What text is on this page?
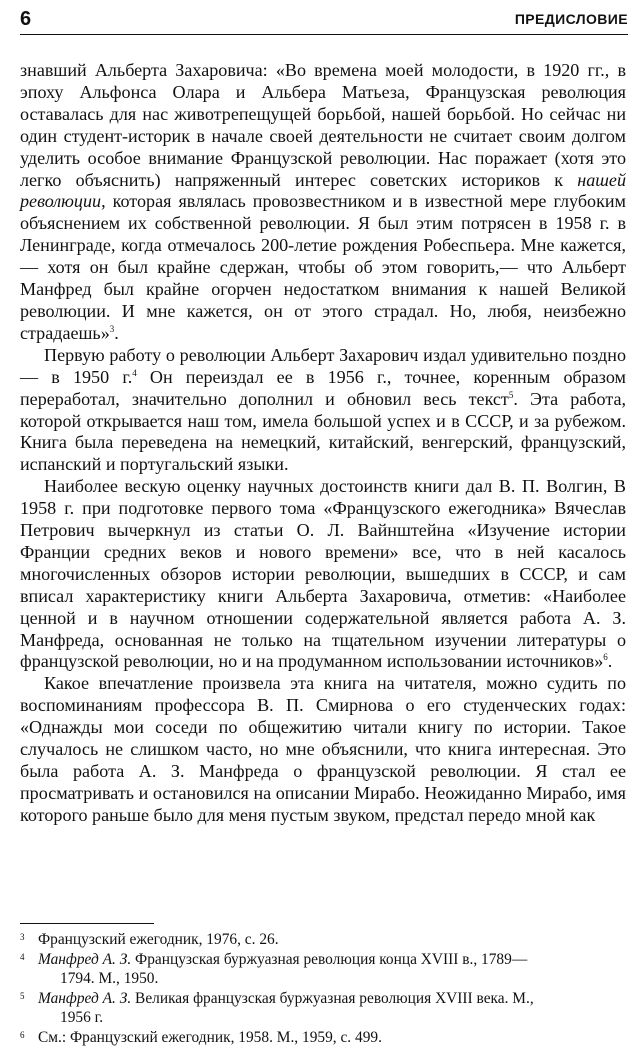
6	ПРЕДИСЛОВИЕ

знавший Альберта Захаровича: «Во времена моей молодости, в 1920 гг., в эпоху Альфонса Олара и Альбера Матьеза, Французская революция оставалась для нас животрепещущей борьбой, нашей борьбой. Но сейчас ни один студент-историк в начале своей деятельности не считает своим долгом уделить особое внимание Французской революции. Нас поражает (хотя это легко объяснить) напряженный интерес советских историков к нашей революции, которая являлась провозвестником и в известной мере глубоким объяснением их собственной революции. Я был этим потрясен в 1958 г. в Ленинграде, когда отмечалось 200-летие рождения Робеспьера. Мне кажется,— хотя он был крайне сдержан, чтобы об этом говорить,— что Альберт Манфред был крайне огорчен недостатком внимания к нашей Великой революции. И мне кажется, он от этого страдал. Но, любя, неизбежно страдаешь»$^3$.

Первую работу о революции Альберт Захарович издал удивительно поздно — в 1950 г.$^4$ Он переиздал ее в 1956 г., точнее, коренным образом переработал, значительно дополнил и обновил весь текст$^5$. Эта работа, которой открывается наш том, имела большой успех и в СССР, и за рубежом. Книга была переведена на немецкий, китайский, венгерский, французский, испанский и португальский языки.

Наиболее вескую оценку научных достоинств книги дал В. П. Волгин, В 1958 г. при подготовке первого тома «Французского ежегодника» Вячеслав Петрович вычеркнул из статьи О. Л. Вайнштейна «Изучение истории Франции средних веков и нового времени» все, что в ней касалось многочисленных обзоров истории революции, вышедших в СССР, и сам вписал характеристику книги Альберта Захаровича, отметив: «Наиболее ценной и в научном отношении содержательной является работа А. З. Манфреда, основанная не только на тщательном изучении литературы о французской революции, но и на продуманном использовании источников»$^6$.

Какое впечатление произвела эта книга на читателя, можно судить по воспоминаниям профессора В. П. Смирнова о его студенческих годах: «Однажды мои соседи по общежитию читали книгу по истории. Такое случалось не слишком часто, но мне объяснили, что книга интересная. Это была работа А. З. Манфреда о французской революции. Я стал ее просматривать и остановился на описании Мирабо. Неожиданно Мирабо, имя которого раньше было для меня пустым звуком, предстал передо мной как

3 Французский ежегодник, 1976, с. 26.
4 Манфред А. З. Французская буржуазная революция конца XVIII в., 1789—
1794. М., 1950.
5 Манфред А. З. Великая французская буржуазная революция XVIII века. М.,
1956 г.
6 См.: Французский ежегодник, 1958. М., 1959, с. 499.
